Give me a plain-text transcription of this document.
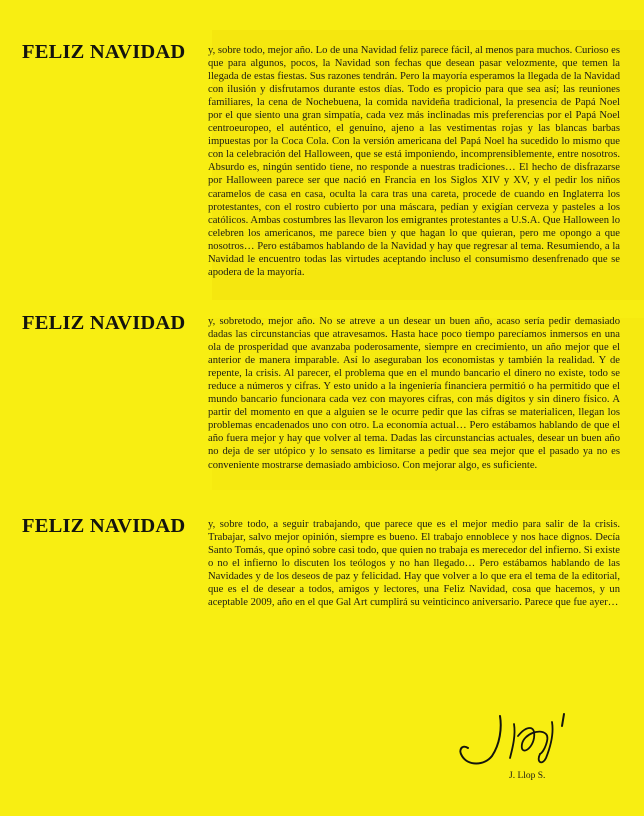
FELIZ NAVIDAD y, sobre todo, mejor año. Lo de una Navidad feliz parece fácil, al menos para muchos. Curioso es que para algunos, pocos, la Navidad son fechas que desean pasar velozmente, que temen la llegada de estas fiestas. Sus razones tendrán. Pero la mayoría esperamos la llegada de la Navidad con ilusión y disfrutamos durante estos días. Todo es propicio para que sea así; las reuniones familiares, la cena de Nochebuena, la comida navideña tradicional, la presencia de Papá Noel por el que siento una gran simpatía, cada vez más inclinadas mis preferencias por el Papá Noel centroeuropeo, el auténtico, el genuino, ajeno a las vestimentas rojas y las blancas barbas impuestas por la Coca Cola. Con la versión americana del Papá Noel ha sucedido lo mismo que con la celebración del Halloween, que se está imponiendo, incomprensiblemente, entre nosotros. Absurdo es, ningún sentido tiene, no responde a nuestras tradiciones… El hecho de disfrazarse por Halloween parece ser que nació en Francia en los Siglos XIV y XV, y el pedir los niños caramelos de casa en casa, oculta la cara tras una careta, procede de cuando en Inglaterra los protestantes, con el rostro cubierto por una máscara, pedían y exigían cerveza y pasteles a los católicos. Ambas costumbres las llevaron los emigrantes protestantes a U.S.A. Que Halloween lo celebren los americanos, me parece bien y que hagan lo que quieran, pero me opongo a que nosotros… Pero estábamos hablando de la Navidad y hay que regresar al tema. Resumiendo, a la Navidad le encuentro todas las virtudes aceptando incluso el consumismo desenfrenado que se apodera de la mayoría.

FELIZ NAVIDAD y, sobretodo, mejor año. No se atreve a un desear un buen año, acaso sería pedir demasiado dadas las circunstancias que atravesamos. Hasta hace poco tiempo parecíamos inmersos en una ola de prosperidad que avanzaba poderosamente, siempre en crecimiento, un año mejor que el anterior de manera imparable. Así lo aseguraban los economistas y también la realidad. Y de repente, la crisis. Al parecer, el problema que en el mundo bancario el dinero no existe, todo se reduce a números y cifras. Y esto unido a la ingeniería financiera permitió o ha permitido que el mundo bancario funcionara cada vez con mayores cifras, con más dígitos y sin dinero físico. A partir del momento en que a alguien se le ocurre pedir que las cifras se materialicen, llegan los problemas encadenados uno con otro. La economía actual… Pero estábamos hablando de que el año fuera mejor y hay que volver al tema. Dadas las circunstancias actuales, desear un buen año no deja de ser utópico y lo sensato es limitarse a pedir que sea mejor que el pasado ya no es conveniente mostrarse demasiado ambicioso. Con mejorar algo, es suficiente.

FELIZ NAVIDAD y, sobre todo, a seguir trabajando, que parece que es el mejor medio para salir de la crisis. Trabajar, salvo mejor opinión, siempre es bueno. El trabajo ennoblece y nos hace dignos. Decía Santo Tomás, que opinó sobre casi todo, que quien no trabaja es merecedor del infierno. Si existe o no el infierno lo discuten los teólogos y no han llegado… Pero estábamos hablando de las Navidades y de los deseos de paz y felicidad. Hay que volver a lo que era el tema de la editorial, que es el de desear a todos, amigos y lectores, una Feliz Navidad, cosa que hacemos, y un aceptable 2009, año en el que Gal Art cumplirá su veinticinco aniversario. Parece que fue ayer…

J. Llop S.
